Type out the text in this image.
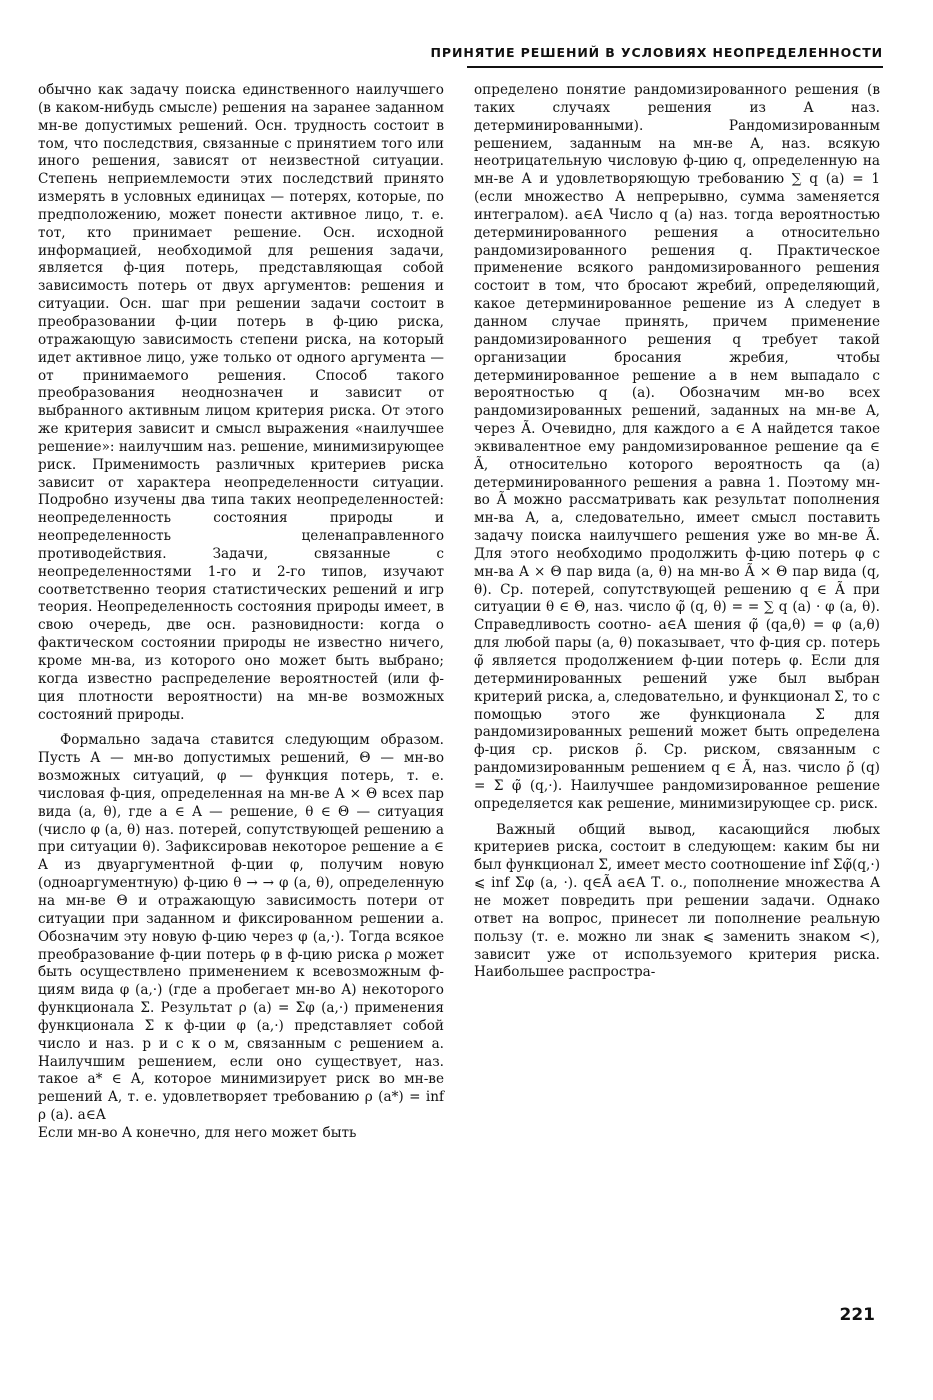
ПРИНЯТИЕ РЕШЕНИЙ В УСЛОВИЯХ НЕОПРЕДЕЛЕННОСТИ

обычно как задачу поиска единственного наилучшего (в каком-нибудь смысле) решения на заранее заданном мн-ве допустимых решений. Осн. трудность состоит в том, что последствия, связанные с принятием того или иного решения, зависят от неизвестной ситуации. Степень неприемлемости этих последствий принято измерять в условных единицах — потерях, которые, по предположению, может понести активное лицо, т. е. тот, кто принимает решение. Осн. исходной информацией, необходимой для решения задачи, является ф-ция потерь, представляющая собой зависимость потерь от двух аргументов: решения и ситуации. Осн. шаг при решении задачи состоит в преобразовании ф-ции потерь в ф-цию риска, отражающую зависимость степени риска, на который идет активное лицо, уже только от одного аргумента — от принимаемого решения. Способ такого преобразования неоднозначен и зависит от выбранного активным лицом критерия риска. От этого же критерия зависит и смысл выражения «наилучшее решение»: наилучшим наз. решение, минимизирующее риск. Применимость различных критериев риска зависит от характера неопределенности ситуации. Подробно изучены два типа таких неопределенностей: неопределенность состояния природы и неопределенность целенаправленного противодействия. Задачи, связанные с неопределенностями 1-го и 2-го типов, изучают соответственно теория статистических решений и игр теория. Неопределенность состояния природы имеет, в свою очередь, две осн. разновидности: когда о фактическом состоянии природы не известно ничего, кроме мн-ва, из которого оно может быть выбрано; когда известно распределение вероятностей (или ф-ция плотности вероятности) на мн-ве возможных состояний природы.

Формально задача ставится следующим образом. Пусть A — мн-во допустимых решений, Θ — мн-во возможных ситуаций, φ — функция потерь, т. е. числовая ф-ция, определенная на мн-ве A × Θ всех пар вида (a, θ), где a ∈ A — решение, θ ∈ Θ — ситуация (число φ (a, θ) наз. потерей, сопутствующей решению a при ситуации θ). Зафиксировав некоторое решение a ∈ A из двуаргументной ф-ции φ, получим новую (одноаргументную) ф-цию θ → → φ (a, θ), определенную на мн-ве Θ и отражающую зависимость потери от ситуации при заданном и фиксированном решении a. Обозначим эту новую ф-цию через φ (a,·). Тогда всякое преобразование ф-ции потерь φ в ф-цию риска ρ может быть осуществлено применением к всевозможным ф-циям вида φ (a,·) (где a пробегает мн-во A) некоторого функционала Σ. Результат ρ (a) = Σφ (a,·) применения функционала Σ к ф-ции φ (a,·) представляет собой число и наз. р и с к о м, связанным с решением a. Наилучшим решением, если оно существует, наз. такое a* ∈ A, которое минимизирует риск во мн-ве решений A, т. е. удовлетворяет требованию ρ (a*) = inf ρ (a). a∈A

Если мн-во A конечно, для него может быть

определено понятие рандомизированного решения (в таких случаях решения из A наз. детерминированными). Рандомизированным решением, заданным на мн-ве A, наз. всякую неотрицательную числовую ф-цию q, определенную на мн-ве A и удовлетворяющую требованию ∑ q (a) = 1 (если множество A непрерывно, сумма заменяется интегралом). a∈A Число q (a) наз. тогда вероятностью детерминированного решения a относительно рандомизированного решения q. Практическое применение всякого рандомизированного решения состоит в том, что бросают жребий, определяющий, какое детерминированное решение из A следует в данном случае принять, причем применение рандомизированного решения q требует такой организации бросания жребия, чтобы детерминированное решение a в нем выпадало с вероятностью q (a). Обозначим мн-во всех рандомизированных решений, заданных на мн-ве A, через Ã. Очевидно, для каждого a ∈ A найдется такое эквивалентное ему рандомизированное решение qa ∈ Ã, относительно которого вероятность qa (a) детерминированного решения a равна 1. Поэтому мн-во Ã можно рассматривать как результат пополнения мн-ва A, а, следовательно, имеет смысл поставить задачу поиска наилучшего решения уже во мн-ве Ã. Для этого необходимо продолжить ф-цию потерь φ с мн-ва A × Θ пар вида (a, θ) на мн-во Ã × Θ пар вида (q, θ). Ср. потерей, сопутствующей решению q ∈ Ã при ситуации θ ∈ Θ, наз. число φ̃ (q, θ) = = ∑ q (a) · φ (a, θ). Справедливость соотно- a∈A шения φ̃ (qa,θ) = φ (a,θ) для любой пары (a, θ) показывает, что ф-ция ср. потерь φ̃ является продолжением ф-ции потерь φ. Если для детерминированных решений уже был выбран критерий риска, а, следовательно, и функционал Σ, то с помощью этого же функционала Σ для рандомизированных решений может быть определена ф-ция ср. рисков ρ̃. Ср. риском, связанным с рандомизированным решением q ∈ Ã, наз. число ρ̃ (q) = Σ φ̃ (q,·). Наилучшее рандомизированное решение определяется как решение, минимизирующее ср. риск.

Важный общий вывод, касающийся любых критериев риска, состоит в следующем: каким бы ни был функционал Σ, имеет место соотношение inf Σφ̃(q,·) ⩽ inf Σφ (a, ·). q∈Ã a∈A Т. о., пополнение множества A не может повредить при решении задачи. Однако ответ на вопрос, принесет ли пополнение реальную пользу (т. е. можно ли знак ⩽ заменить знаком <), зависит уже от используемого критерия риска. Наибольшее распростра-

221
